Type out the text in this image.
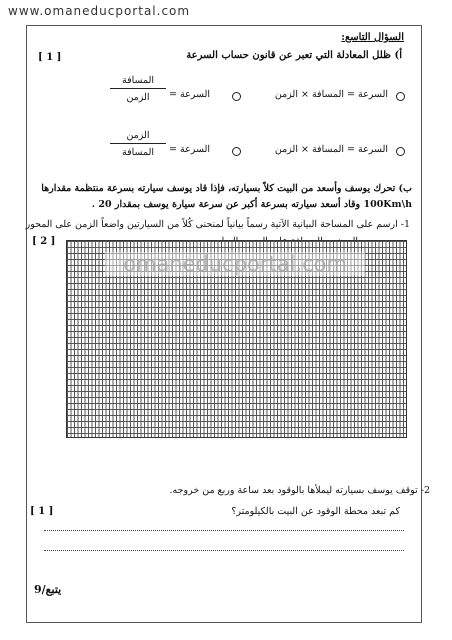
www.omaneducportal.com
السؤال التاسع:
أ) ظلل المعادلة التي تعبر عن قانون حساب السرعة
[ 1 ]
السرعة =
المسافة
الزمن	السرعة = المسافة × الزمن
السرعة =
الزمن
المسافة	السرعة = المسافة × الزمن
ب) تحرك يوسف وأسعد من البيت كلاً بسيارته، فإذا قاد يوسف سيارته بسرعة منتظمة مقدارها
100Km\h وقاد أسعد سيارته بسرعة أكبر عن سرعة سيارة يوسف بمقدار 20 .
1- ارسم على المساحة البيانية الآتية رسماً بيانياً لمنحنى كُلاً من السيارتين واضعاً الزمن على المحور
[ 2 ]
omaneducportal.com
2- توقف يوسف بسيارته ليملأها بالوقود بعد ساعة وربع من خروجه.
كم تبعد محطة الوقود عن البيت بالكيلومتر؟
[ 1 ]
يتبع/9
